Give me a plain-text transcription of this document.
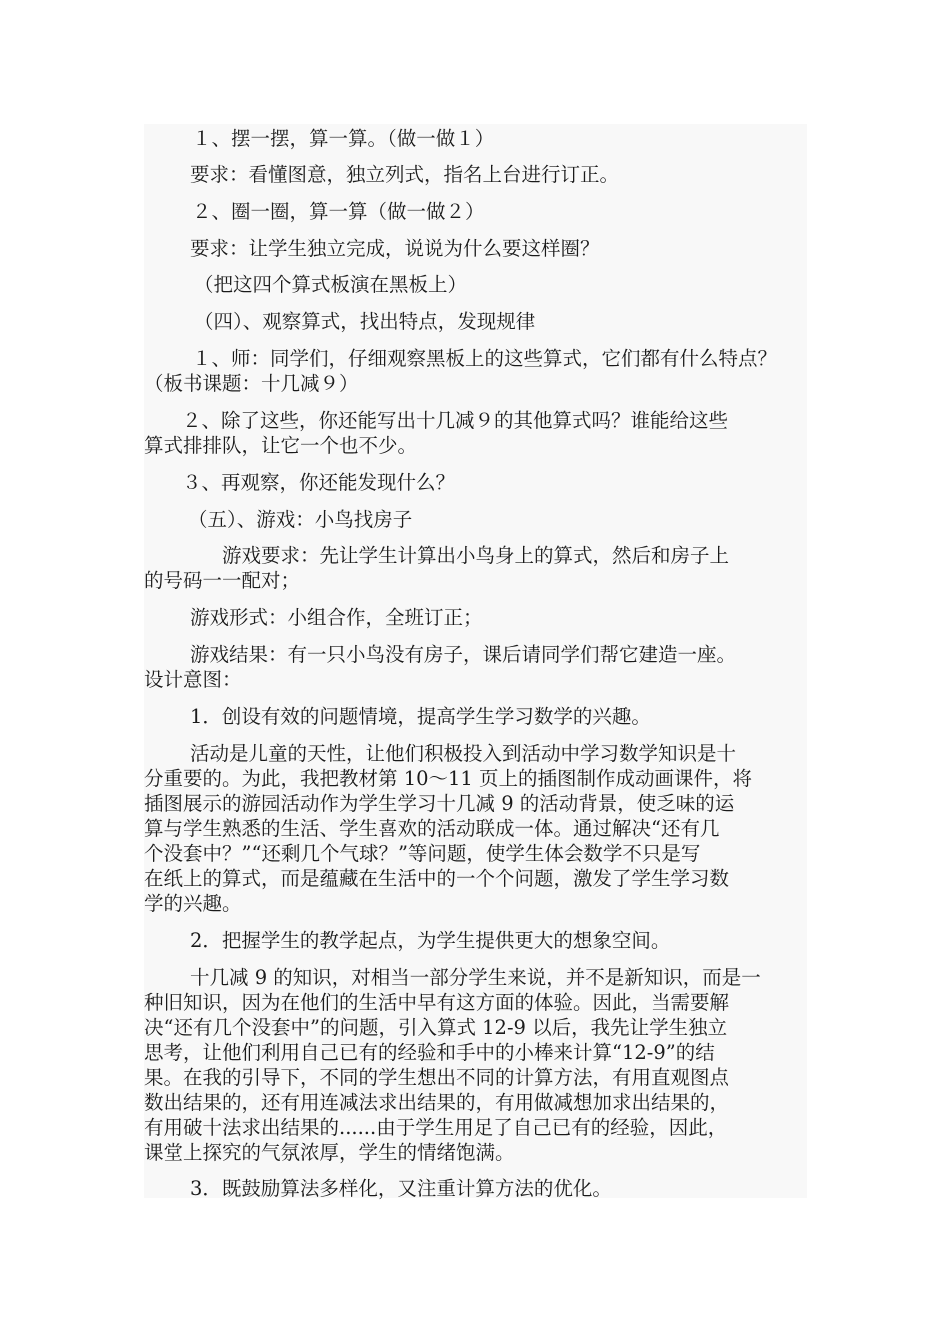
１、摆一摆，算一算。（做一做１）
要求：看懂图意，独立列式，指名上台进行订正。
２、圈一圈，算一算（做一做２）
要求：让学生独立完成，说说为什么要这样圈？
（把这四个算式板演在黑板上）
（四）、观察算式，找出特点，发现规律
１、师：同学们，仔细观察黑板上的这些算式，它们都有什么特点？
（板书课题：十几减９）
２、除了这些，你还能写出十几减９的其他算式吗？谁能给这些
算式排排队，让它一个也不少。
３、再观察，你还能发现什么？
（五）、游戏：小鸟找房子
游戏要求：先让学生计算出小鸟身上的算式，然后和房子上
的号码一一配对；
游戏形式：小组合作，全班订正；
游戏结果：有一只小鸟没有房子，课后请同学们帮它建造一座。
设计意图：
1．创设有效的问题情境，提高学生学习数学的兴趣。
活动是儿童的天性，让他们积极投入到活动中学习数学知识是十
分重要的。为此，我把教材第 10～11 页上的插图制作成动画课件，将
插图展示的游园活动作为学生学习十几减 9 的活动背景，使乏味的运
算与学生熟悉的生活、学生喜欢的活动联成一体。通过解决“还有几
个没套中？”“还剩几个气球？”等问题，使学生体会数学不只是写
在纸上的算式，而是蕴藏在生活中的一个个问题，激发了学生学习数
学的兴趣。
2．把握学生的教学起点，为学生提供更大的想象空间。
十几减 9 的知识，对相当一部分学生来说，并不是新知识，而是一
种旧知识，因为在他们的生活中早有这方面的体验。因此，当需要解
决“还有几个没套中”的问题，引入算式 12-9 以后，我先让学生独立
思考，让他们利用自己已有的经验和手中的小棒来计算“12-9”的结
果。在我的引导下，不同的学生想出不同的计算方法，有用直观图点
数出结果的，还有用连减法求出结果的，有用做减想加求出结果的，
有用破十法求出结果的......由于学生用足了自己已有的经验，因此，
课堂上探究的气氛浓厚，学生的情绪饱满。
3．既鼓励算法多样化，又注重计算方法的优化。
